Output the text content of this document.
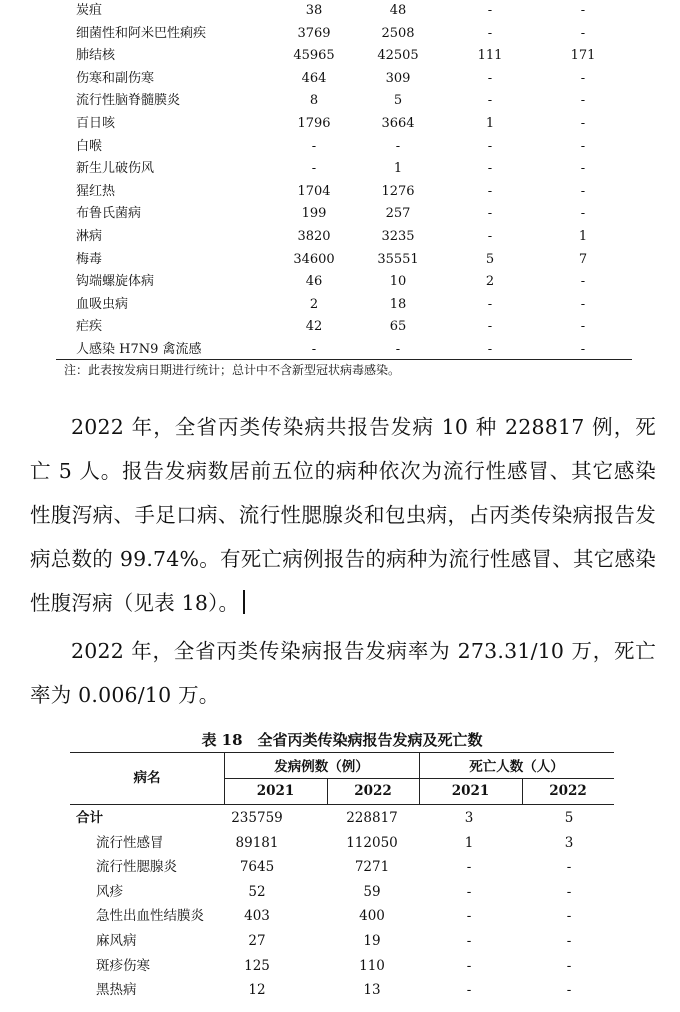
炭疽	38	48	-	-
细菌性和阿米巴性痢疾	3769	2508	-	-
肺结核	45965	42505	111	171
伤寒和副伤寒	464	309	-	-
流行性脑脊髓膜炎	8	5	-	-
百日咳	1796	3664	1	-
白喉	-	-	-	-
新生儿破伤风	-	1	-	-
猩红热	1704	1276	-	-
布鲁氏菌病	199	257	-	-
淋病	3820	3235	-	1
梅毒	34600	35551	5	7
钩端螺旋体病	46	10	2	-
血吸虫病	2	18	-	-
疟疾	42	65	-	-
人感染 H7N9 禽流感	-	-	-	-
注：此表按发病日期进行统计；总计中不含新型冠状病毒感染。
2022 年，全省丙类传染病共报告发病 10 种 228817 例，死亡 5 人。报告发病数居前五位的病种依次为流行性感冒、其它感染性腹泻病、手足口病、流行性腮腺炎和包虫病，占丙类传染病报告发病总数的 99.74%。有死亡病例报告的病种为流行性感冒、其它感染性腹泻病（见表 18）。
2022 年，全省丙类传染病报告发病率为 273.31/10 万，死亡率为 0.006/10 万。
表 18　全省丙类传染病报告发病及死亡数
病名
发病例数（例）	死亡人数（人）
2021	2022	2021	2022
合计	235759	228817	3	5
流行性感冒	89181	112050	1	3
流行性腮腺炎	7645	7271	-	-
风疹	52	59	-	-
急性出血性结膜炎	403	400	-	-
麻风病	27	19	-	-
斑疹伤寒	125	110	-	-
黑热病	12	13	-	-
